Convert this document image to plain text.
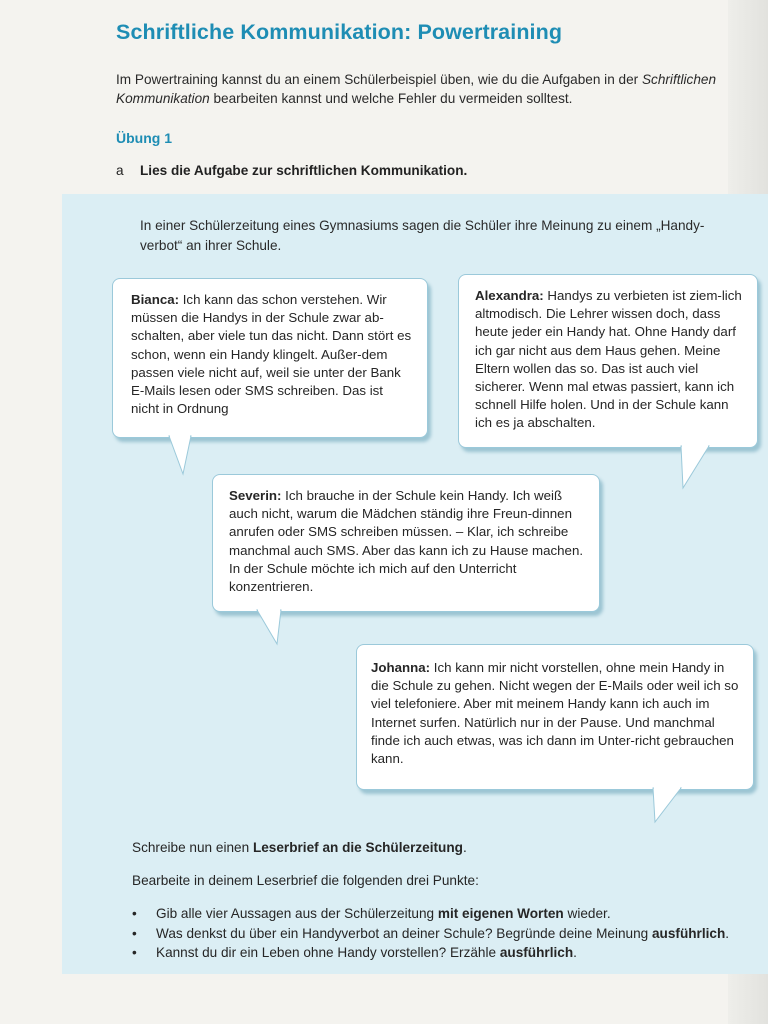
Schriftliche Kommunikation: Powertraining

Im Powertraining kannst du an einem Schülerbeispiel üben, wie du die Aufgaben in der Schriftlichen Kommunikation bearbeiten kannst und welche Fehler du vermeiden solltest.

Übung 1
a Lies die Aufgabe zur schriftlichen Kommunikation.

In einer Schülerzeitung eines Gymnasiums sagen die Schüler ihre Meinung zu einem „Handy-verbot“ an ihrer Schule.

Bianca: Ich kann das schon verstehen. Wir müssen die Handys in der Schule zwar ab-schalten, aber viele tun das nicht. Dann stört es schon, wenn ein Handy klingelt. Außer-dem passen viele nicht auf, weil sie unter der Bank E-Mails lesen oder SMS schreiben. Das ist nicht in Ordnung

Alexandra: Handys zu verbieten ist ziem-lich altmodisch. Die Lehrer wissen doch, dass heute jeder ein Handy hat. Ohne Handy darf ich gar nicht aus dem Haus gehen. Meine Eltern wollen das so. Das ist auch viel sicherer. Wenn mal etwas passiert, kann ich schnell Hilfe holen. Und in der Schule kann ich es ja abschalten.

Severin: Ich brauche in der Schule kein Handy. Ich weiß auch nicht, warum die Mädchen ständig ihre Freun-dinnen anrufen oder SMS schreiben müssen. – Klar, ich schreibe manchmal auch SMS. Aber das kann ich zu Hause machen. In der Schule möchte ich mich auf den Unterricht konzentrieren.

Johanna: Ich kann mir nicht vorstellen, ohne mein Handy in die Schule zu gehen. Nicht wegen der E-Mails oder weil ich so viel telefoniere. Aber mit meinem Handy kann ich auch im Internet surfen. Natürlich nur in der Pause. Und manchmal finde ich auch etwas, was ich dann im Unter-richt gebrauchen kann.

Schreibe nun einen Leserbrief an die Schülerzeitung.

Bearbeite in deinem Leserbrief die folgenden drei Punkte:

• Gib alle vier Aussagen aus der Schülerzeitung mit eigenen Worten wieder.
• Was denkst du über ein Handyverbot an deiner Schule? Begründe deine Meinung ausführlich.
• Kannst du dir ein Leben ohne Handy vorstellen? Erzähle ausführlich.
